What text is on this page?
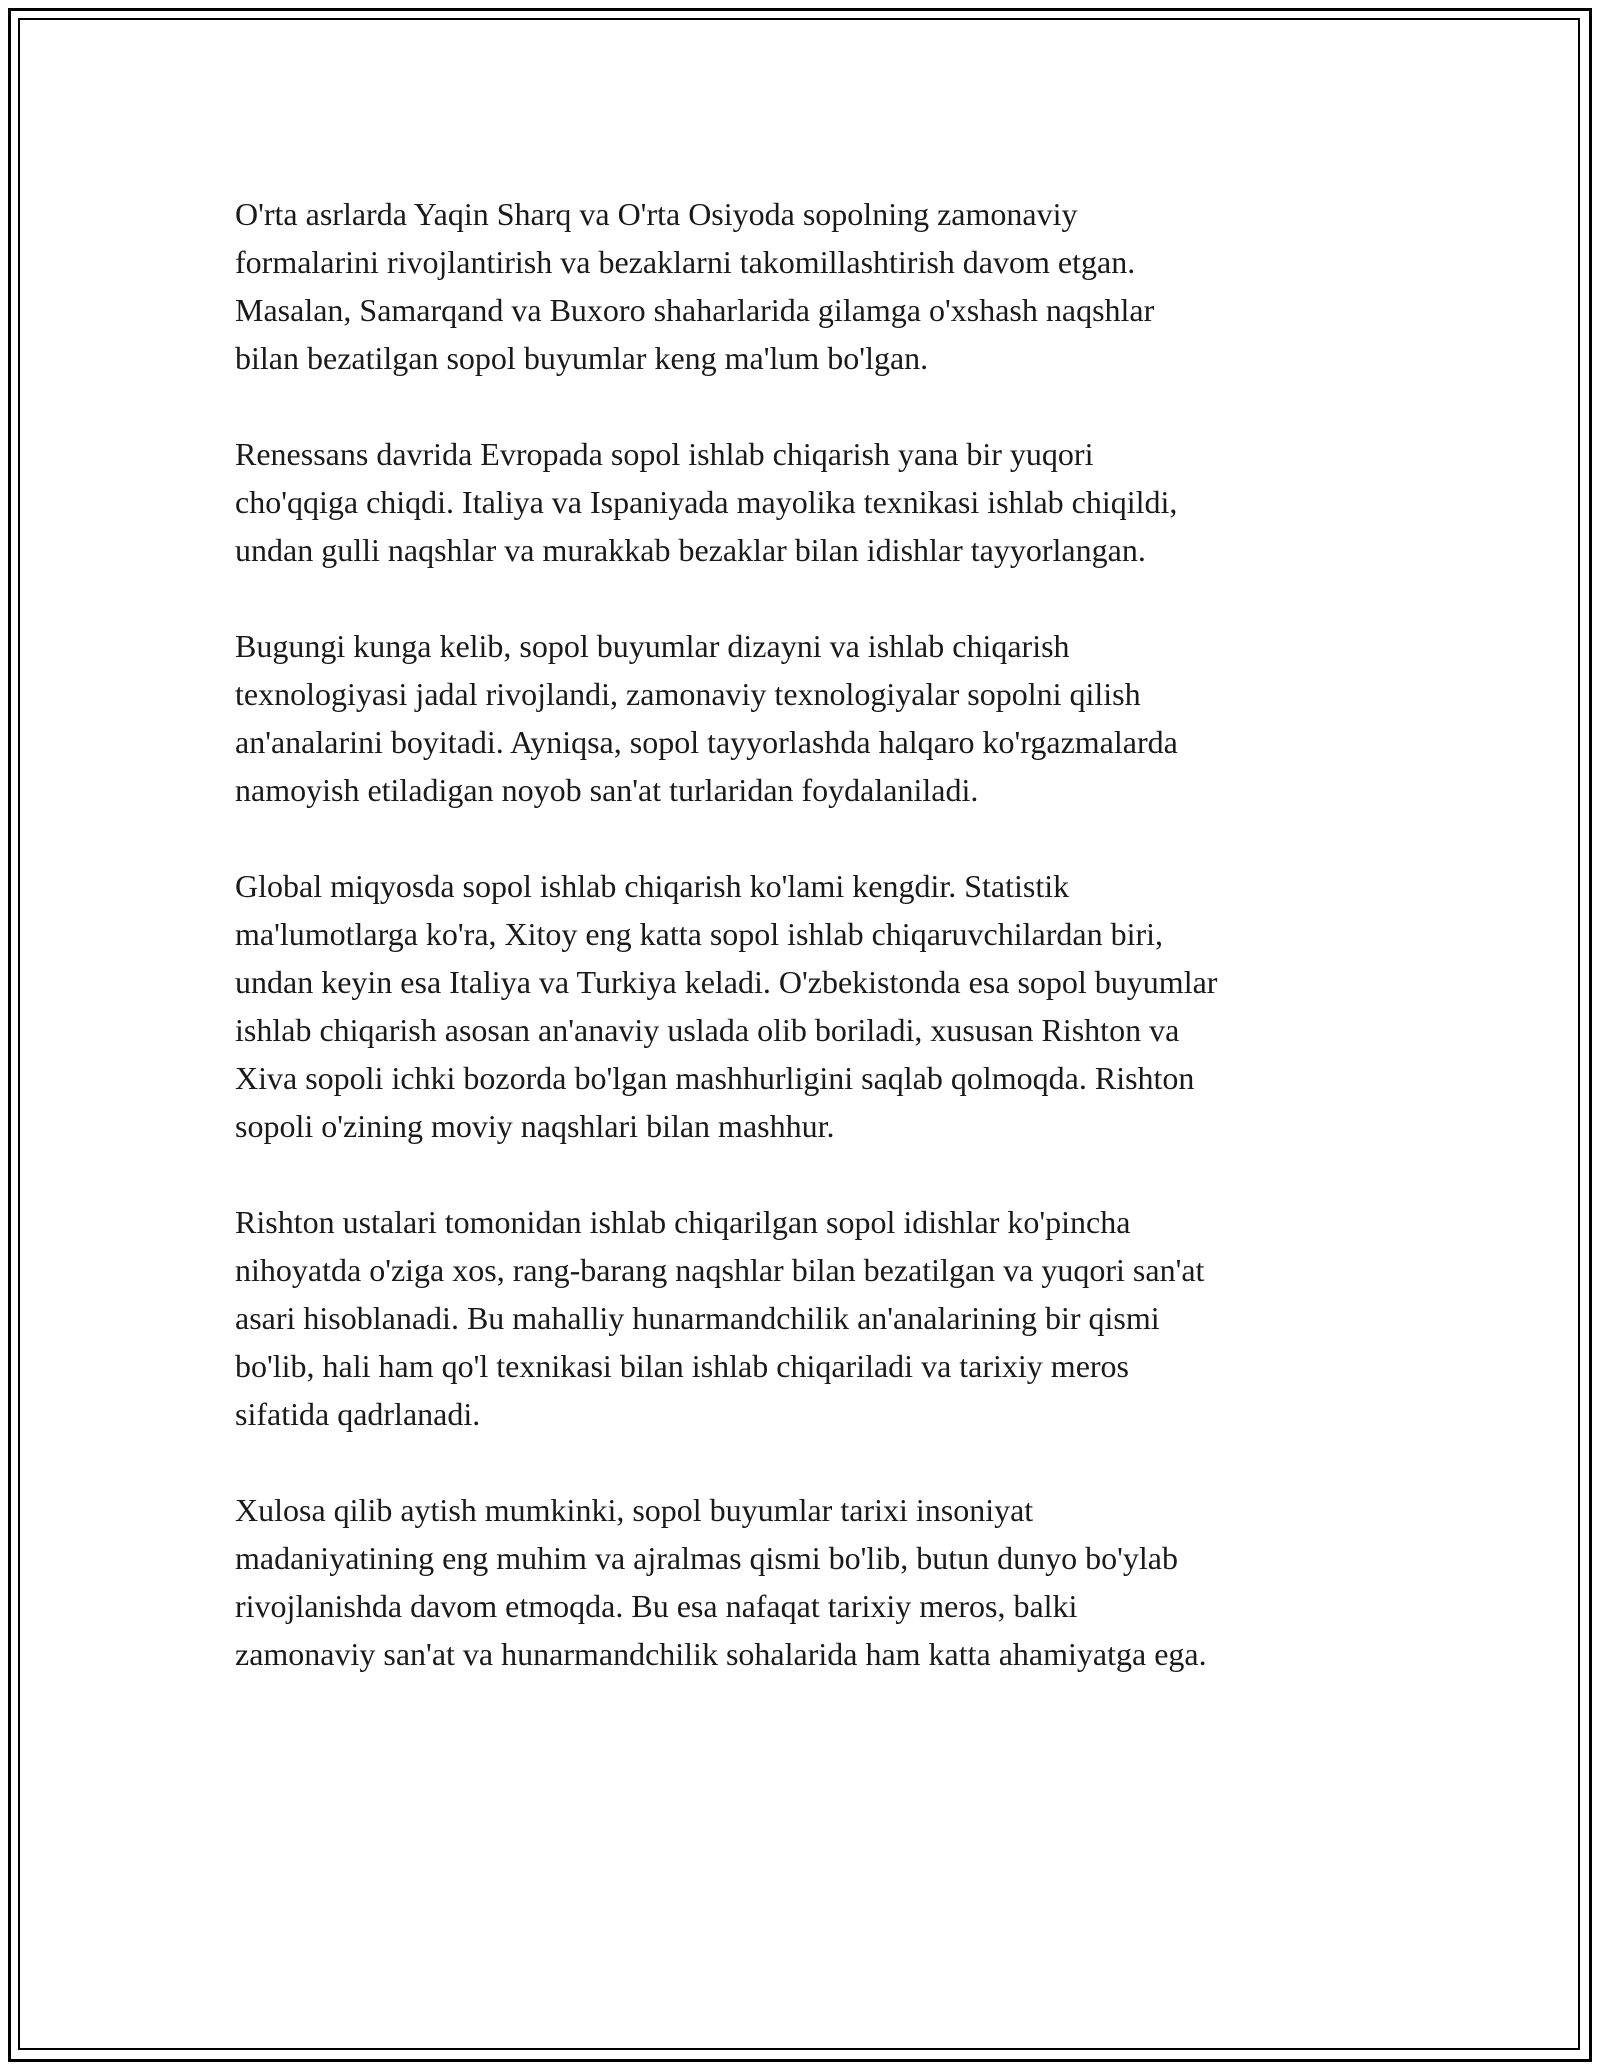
O'rta asrlarda Yaqin Sharq va O'rta Osiyoda sopolning zamonaviy
formalarini rivojlantirish va bezaklarni takomillashtirish davom etgan.
Masalan, Samarqand va Buxoro shaharlarida gilamga o'xshash naqshlar
bilan bezatilgan sopol buyumlar keng ma'lum bo'lgan.

Renessans davrida Evropada sopol ishlab chiqarish yana bir yuqori
cho'qqiga chiqdi. Italiya va Ispaniyada mayolika texnikasi ishlab chiqildi,
undan gulli naqshlar va murakkab bezaklar bilan idishlar tayyorlangan.

Bugungi kunga kelib, sopol buyumlar dizayni va ishlab chiqarish
texnologiyasi jadal rivojlandi, zamonaviy texnologiyalar sopolni qilish
an'analarini boyitadi. Ayniqsa, sopol tayyorlashda halqaro ko'rgazmalarda
namoyish etiladigan noyob san'at turlaridan foydalaniladi.

Global miqyosda sopol ishlab chiqarish ko'lami kengdir. Statistik
ma'lumotlarga ko'ra, Xitoy eng katta sopol ishlab chiqaruvchilardan biri,
undan keyin esa Italiya va Turkiya keladi. O'zbekistonda esa sopol buyumlar
ishlab chiqarish asosan an'anaviy uslada olib boriladi, xususan Rishton va
Xiva sopoli ichki bozorda bo'lgan mashhurligini saqlab qolmoqda. Rishton
sopoli o'zining moviy naqshlari bilan mashhur.

Rishton ustalari tomonidan ishlab chiqarilgan sopol idishlar ko'pincha
nihoyatda o'ziga xos, rang-barang naqshlar bilan bezatilgan va yuqori san'at
asari hisoblanadi. Bu mahalliy hunarmandchilik an'analarining bir qismi
bo'lib, hali ham qo'l texnikasi bilan ishlab chiqariladi va tarixiy meros
sifatida qadrlanadi.

Xulosa qilib aytish mumkinki, sopol buyumlar tarixi insoniyat
madaniyatining eng muhim va ajralmas qismi bo'lib, butun dunyo bo'ylab
rivojlanishda davom etmoqda. Bu esa nafaqat tarixiy meros, balki
zamonaviy san'at va hunarmandchilik sohalarida ham katta ahamiyatga ega.
